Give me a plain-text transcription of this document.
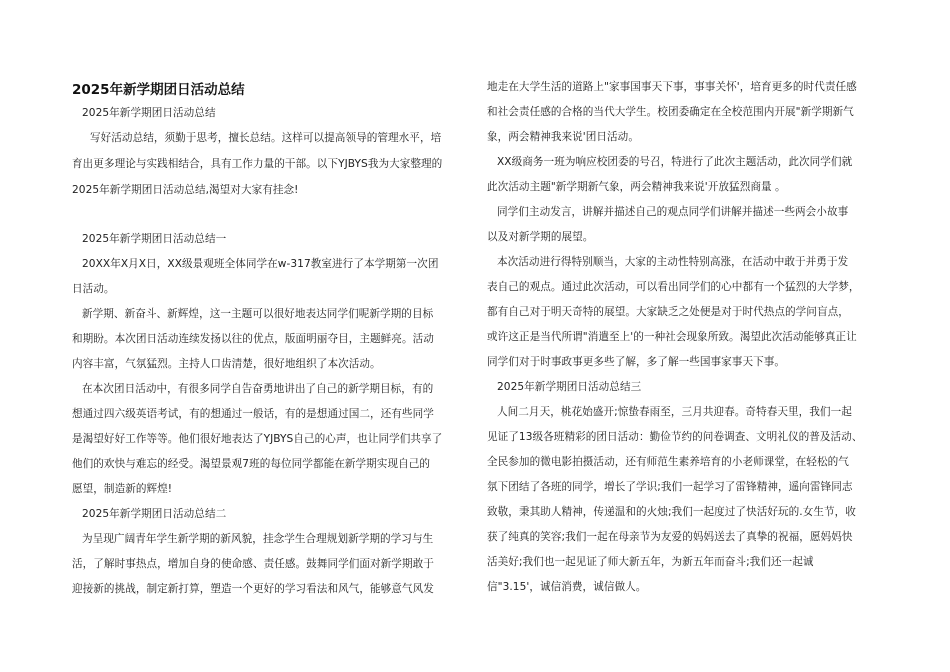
2025年新学期团日活动总结
2025年新学期团日活动总结
写好活动总结，须勤于思考，擅长总结。这样可以提高领导的管理水平，培
育出更多理论与实践相结合，具有工作力量的干部。以下YJBYS我为大家整理的
2025年新学期团日活动总结,渴望对大家有挂念!
2025年新学期团日活动总结一
20XX年X月X日，XX级景观班全体同学在w-317教室进行了本学期第一次团
日活动。
新学期、新奋斗、新辉煌，这一主题可以很好地表达同学们呢新学期的目标
和期盼。本次团日活动连续发扬以往的优点，版面明丽夺目，主题鲜亮。活动
内容丰富，气氛猛烈。主持人口齿清楚，很好地组织了本次活动。
在本次团日活动中，有很多同学自告奋勇地讲出了自己的新学期目标，有的
想通过四六级英语考试，有的想通过一般话，有的是想通过国二，还有些同学
是渴望好好工作等等。他们很好地表达了YJBYS自己的心声，也让同学们共享了
他们的欢快与难忘的经受。渴望景观7班的每位同学都能在新学期实现自己的
愿望，制造新的辉煌!
2025年新学期团日活动总结二
为呈现广阔青年学生新学期的新风貌，挂念学生合理规划新学期的学习与生
活，了解时事热点，增加自身的使命感、责任感。鼓舞同学们面对新学期敢于
迎接新的挑战，制定新打算，塑造一个更好的学习看法和风气，能够意气风发
地走在大学生活的道路上"家事国事天下事，事事关怀'，培育更多的时代责任感
和社会责任感的合格的当代大学生。校团委确定在全校范围内开展"新学期新气
象，两会精神我来说'团日活动。
XX级商务一班为响应校团委的号召，特进行了此次主题活动，此次同学们就
此次活动主题"新学期新气象，两会精神我来说'开放猛烈商量 。
同学们主动发言，讲解并描述自己的观点同学们讲解并描述一些两会小故事
以及对新学期的展望。
本次活动进行得特别顺当，大家的主动性特别高涨，在活动中敢于并勇于发
表自己的观点。通过此次活动，可以看出同学们的心中都有一个猛烈的大学梦，
都有自己对于明天奇特的展望。大家缺乏之处便是对于时代热点的学问盲点，
或许这正是当代所谓"消遣至上'的一种社会现象所致。渴望此次活动能够真正让
同学们对于时事政事更多些了解，多了解一些国事家事天下事。
2025年新学期团日活动总结三
人间二月天，桃花始盛开;惊蛰春雨至，三月共迎春。奇特春天里，我们一起
见证了13级各班精彩的团日活动：勤俭节约的问卷调查、文明礼仪的普及活动、
全民参加的微电影拍摄活动，还有师范生素养培育的小老师课堂，在轻松的气
氛下团结了各班的同学，增长了学识;我们一起学习了雷锋精神，遥向雷锋同志
致敬，秉其助人精神，传递温和的火烛;我们一起度过了快活好玩的.女生节，收
获了纯真的笑容;我们一起在母亲节为友爱的妈妈送去了真挚的祝福，愿妈妈快
活美好;我们也一起见证了师大新五年，为新五年而奋斗;我们还一起诚
信"3.15'，诚信消费，诚信做人。
